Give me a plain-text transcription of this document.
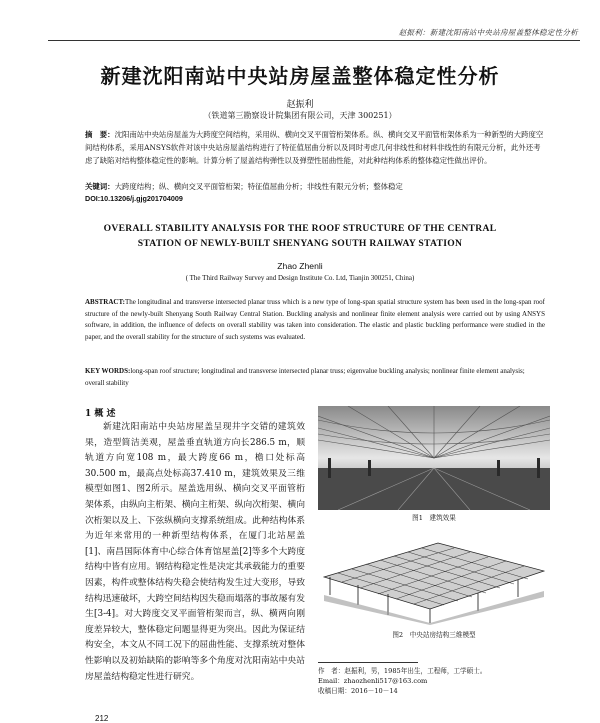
赵振利：新建沈阳南站中央站房屋盖整体稳定性分析
新建沈阳南站中央站房屋盖整体稳定性分析
赵振利
（铁道第三勘察设计院集团有限公司，天津 300251）
摘　要：沈阳南站中央站房屋盖为大跨度空间结构，采用纵、横向交叉平面管桁架体系。纵、横向交叉平面管桁架体系为一种新型的大跨度空间结构体系，采用ANSYS软件对该中央站房屋盖结构进行了特征值屈曲分析以及同时考虑几何非线性和材料非线性的有限元分析，此外还考虑了缺陷对结构整体稳定性的影响。计算分析了屋盖结构弹性以及弹塑性屈曲性能，对此种结构体系的整体稳定性做出评价。
关键词：大跨度结构；纵、横向交叉平面管桁架；特征值屈曲分析；非线性有限元分析；整体稳定
DOI:10.13206/j.gjg201704009
OVERALL STABILITY ANALYSIS FOR THE ROOF STRUCTURE OF THE CENTRAL
STATION OF NEWLY-BUILT SHENYANG SOUTH RAILWAY STATION
Zhao Zhenli
( The Third Railway Survey and Design Institute Co. Ltd, Tianjin 300251, China)
ABSTRACT:The longitudinal and transverse intersected planar truss which is a new type of long-span spatial structure system has been used in the long-span roof structure of the newly-built Shenyang South Railway Central Station. Buckling analysis and nonlinear finite element analysis were carried out by using ANSYS software, in addition, the influence of defects on overall stability was taken into consideration. The elastic and plastic buckling performance were studied in the paper, and the overall stability for the structure of such systems was evaluated.
KEY WORDS:long-span roof structure; longitudinal and transverse intersected planar truss; eigenvalue buckling analysis; nonlinear finite element analysis; overall stability
1 概 述
新建沈阳南站中央站房屋盖呈现井字交错的建筑效果，造型简洁美观，屋盖垂直轨道方向长286.5 m，顺轨道方向宽108 m，最大跨度66 m，檐口处标高30.500 m，最高点处标高37.410 m，建筑效果及三维模型如图1、图2所示。屋盖选用纵、横向交叉平面管桁架体系，由纵向主桁架、横向主桁架、纵向次桁架、横向次桁架以及上、下弦纵横向支撑系统组成。此种结构体系为近年来常用的一种新型结构体系，在厦门北站屋盖[1]、南昌国际体育中心综合体育馆屋盖[2]等多个大跨度结构中皆有应用。钢结构稳定性是决定其承载能力的重要因素，构件或整体结构失稳会使结构发生过大变形，导致结构迅速破坏，大跨空间结构因失稳而塌落的事故屡有发生[3-4]。对大跨度交叉平面管桁架而言，纵、横两向刚度差异较大，整体稳定问题显得更为突出。因此为保证结构安全，本文从不同工况下的屈曲性能、支撑系统对整体性影响以及初始缺陷的影响等多个角度对沈阳南站中央站房屋盖结构稳定性进行研究。
图1　建筑效果
图2　中央站房结构三维模型
作　者：赵振利，男，1985年出生，工程师，工学硕士。
Email：zhaozhenli517@163.com
收稿日期：2016－10－14
212
